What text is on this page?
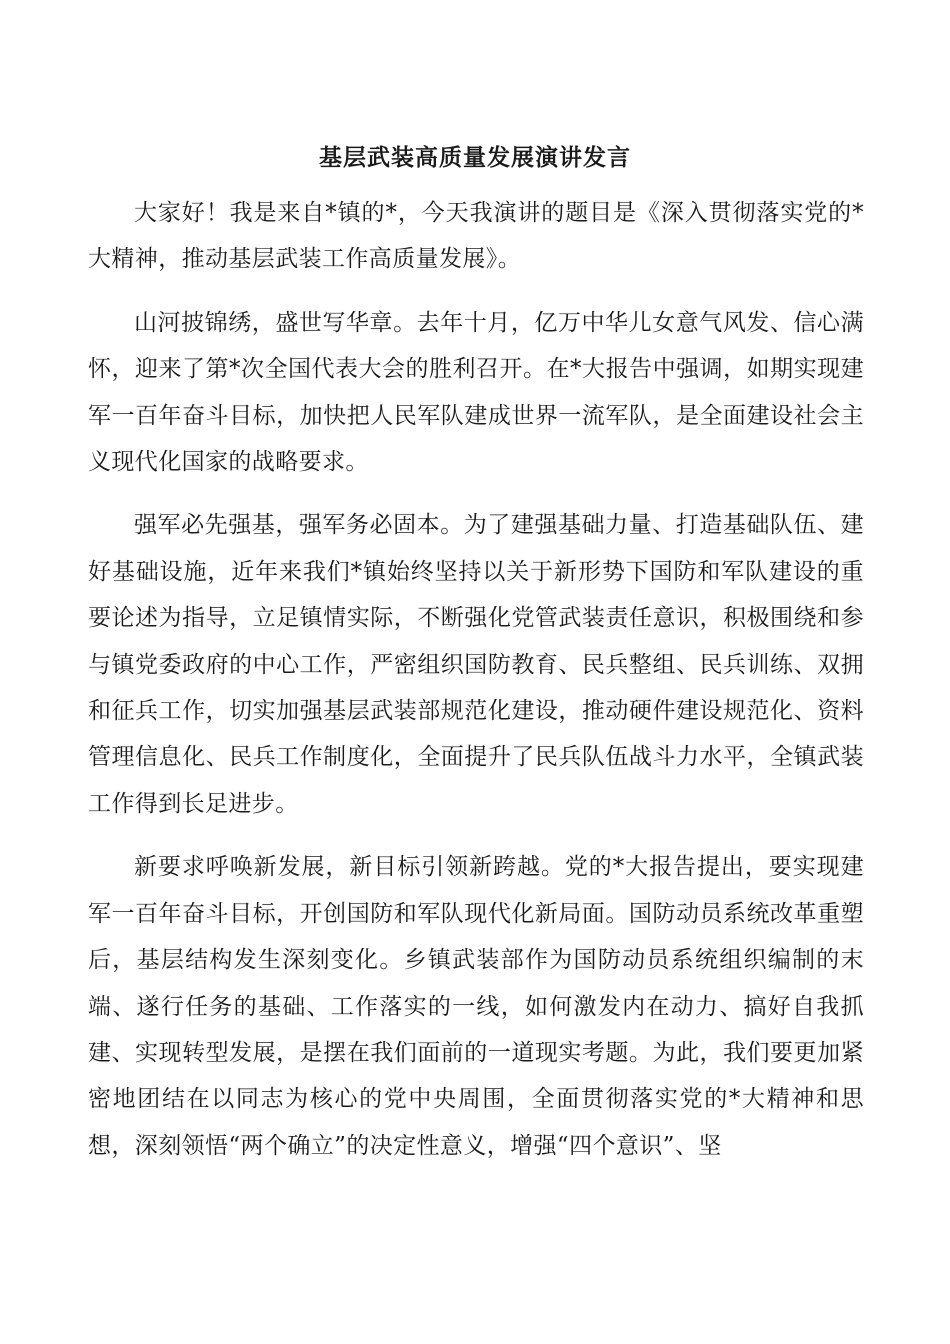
基层武装高质量发展演讲发言

大家好！我是来自*镇的*，今天我演讲的题目是《深入贯彻落实党的*大精神，推动基层武装工作高质量发展》。

山河披锦绣，盛世写华章。去年十月，亿万中华儿女意气风发、信心满怀，迎来了第*次全国代表大会的胜利召开。在*大报告中强调，如期实现建军一百年奋斗目标，加快把人民军队建成世界一流军队，是全面建设社会主义现代化国家的战略要求。

强军必先强基，强军务必固本。为了建强基础力量、打造基础队伍、建好基础设施，近年来我们*镇始终坚持以关于新形势下国防和军队建设的重要论述为指导，立足镇情实际，不断强化党管武装责任意识，积极围绕和参与镇党委政府的中心工作，严密组织国防教育、民兵整组、民兵训练、双拥和征兵工作，切实加强基层武装部规范化建设，推动硬件建设规范化、资料管理信息化、民兵工作制度化，全面提升了民兵队伍战斗力水平，全镇武装工作得到长足进步。

新要求呼唤新发展，新目标引领新跨越。党的*大报告提出，要实现建军一百年奋斗目标，开创国防和军队现代化新局面。国防动员系统改革重塑后，基层结构发生深刻变化。乡镇武装部作为国防动员系统组织编制的末端、遂行任务的基础、工作落实的一线，如何激发内在动力、搞好自我抓建、实现转型发展，是摆在我们面前的一道现实考题。为此，我们要更加紧密地团结在以同志为核心的党中央周围，全面贯彻落实党的*大精神和思想，深刻领悟“两个确立”的决定性意义，增强“四个意识”、坚
